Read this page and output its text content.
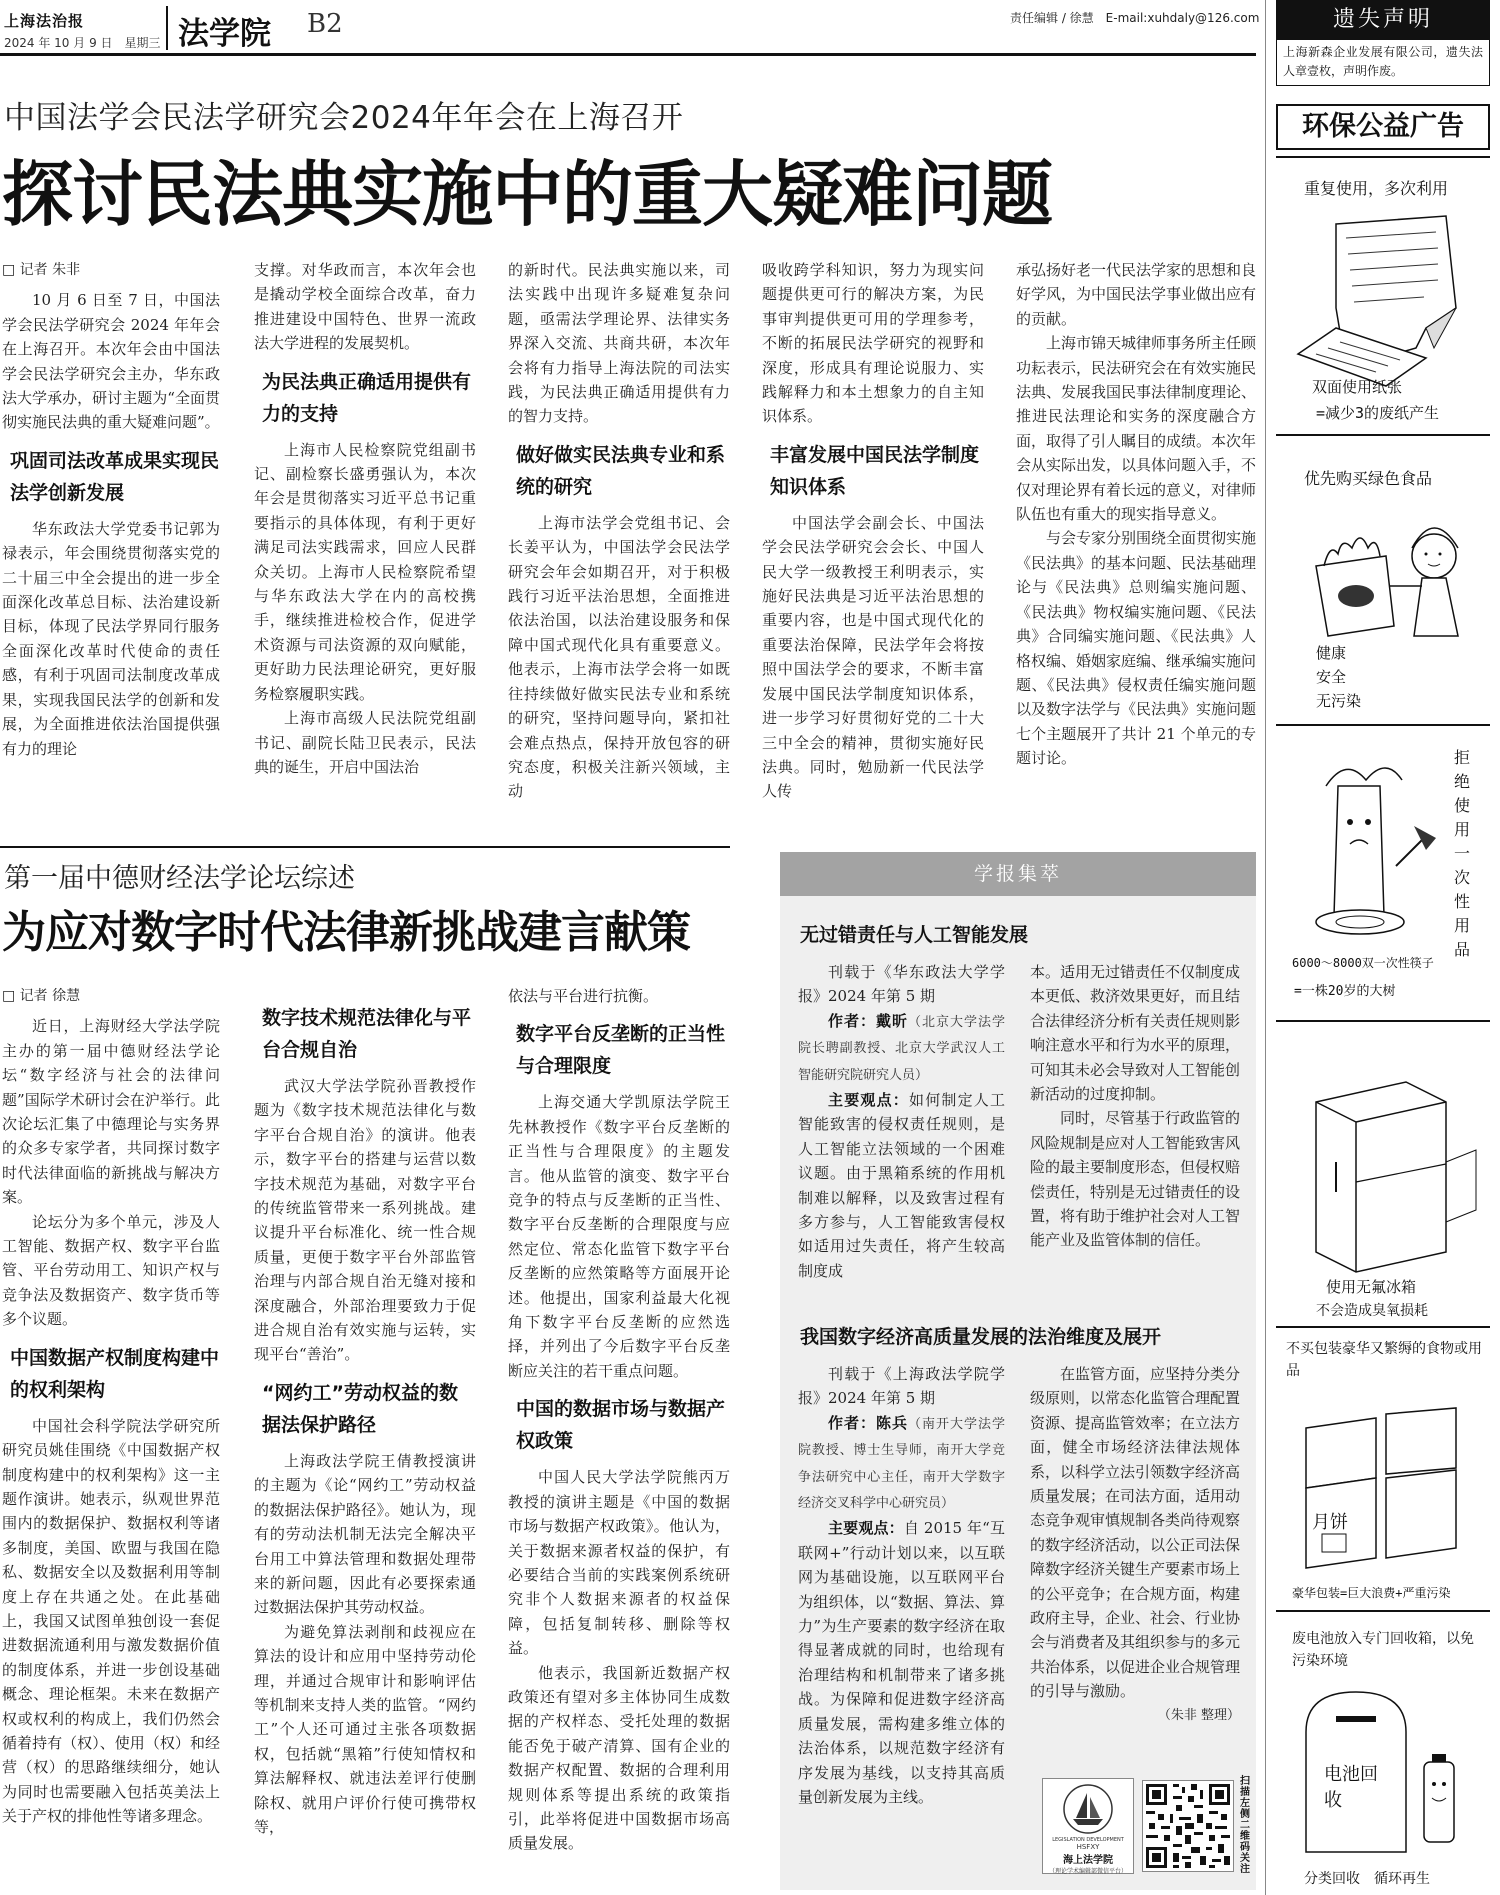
上海法治报
2024 年 10 月 9 日　星期三 法学院 B2	责任编辑 / 徐慧　E-mail:xuhdaly@126.com
中国法学会民法学研究会2024年年会在上海召开
探讨民法典实施中的重大疑难问题

□ 记者 朱非

10 月 6 日至 7 日，中国法学会民法学研究会 2024 年年会在上海召开。本次年会由中国法学会民法学研究会主办，华东政法大学承办，研讨主题为“全面贯彻实施民法典的重大疑难问题”。

巩固司法改革成果实现民法学创新发展

华东政法大学党委书记郭为禄表示，年会围绕贯彻落实党的二十届三中全会提出的进一步全面深化改革总目标、法治建设新目标，体现了民法学界同行服务全面深化改革时代使命的责任感，有利于巩固司法制度改革成果，实现我国民法学的创新和发展，为全面推进依法治国提供强有力的理论

支撑。对华政而言，本次年会也是撬动学校全面综合改革，奋力推进建设中国特色、世界一流政法大学进程的发展契机。

为民法典正确适用提供有力的支持

上海市人民检察院党组副书记、副检察长盛勇强认为，本次年会是贯彻落实习近平总书记重要指示的具体体现，有利于更好满足司法实践需求，回应人民群众关切。上海市人民检察院希望与华东政法大学在内的高校携手，继续推进检校合作，促进学术资源与司法资源的双向赋能，更好助力民法理论研究，更好服务检察履职实践。

上海市高级人民法院党组副书记、副院长陆卫民表示，民法典的诞生，开启中国法治

的新时代。民法典实施以来，司法实践中出现许多疑难复杂问题，亟需法学理论界、法律实务界深入交流、共商共研，本次年会将有力指导上海法院的司法实践，为民法典正确适用提供有力的智力支持。

做好做实民法典专业和系统的研究

上海市法学会党组书记、会长姜平认为，中国法学会民法学研究会年会如期召开，对于积极践行习近平法治思想，全面推进依法治国，以法治建设服务和保障中国式现代化具有重要意义。他表示，上海市法学会将一如既往持续做好做实民法专业和系统的研究，坚持问题导向，紧扣社会难点热点，保持开放包容的研究态度，积极关注新兴领域，主动

吸收跨学科知识，努力为现实问题提供更可行的解决方案，为民事审判提供更可用的学理参考，不断的拓展民法学研究的视野和深度，形成具有理论说服力、实践解释力和本土想象力的自主知识体系。

丰富发展中国民法学制度知识体系

中国法学会副会长、中国法学会民法学研究会会长、中国人民大学一级教授王利明表示，实施好民法典是习近平法治思想的重要内容，也是中国式现代化的重要法治保障，民法学年会将按照中国法学会的要求，不断丰富发展中国民法学制度知识体系，进一步学习好贯彻好党的二十大三中全会的精神，贯彻实施好民法典。同时，勉励新一代民法学人传

承弘扬好老一代民法学家的思想和良好学风，为中国民法学事业做出应有的贡献。

上海市锦天城律师事务所主任顾功耘表示，民法研究会在有效实施民法典、发展我国民事法律制度理论、推进民法理论和实务的深度融合方面，取得了引人瞩目的成绩。本次年会从实际出发，以具体问题入手，不仅对理论界有着长远的意义，对律师队伍也有重大的现实指导意义。

与会专家分别围绕全面贯彻实施《民法典》的基本问题、民法基础理论与《民法典》总则编实施问题、《民法典》物权编实施问题、《民法典》合同编实施问题、《民法典》人格权编、婚姻家庭编、继承编实施问题、《民法典》侵权责任编实施问题以及数字法学与《民法典》实施问题七个主题展开了共计 21 个单元的专题讨论。

第一届中德财经法学论坛综述
为应对数字时代法律新挑战建言献策

□ 记者 徐慧

近日，上海财经大学法学院主办的第一届中德财经法学论坛“数字经济与社会的法律问题”国际学术研讨会在沪举行。此次论坛汇集了中德理论与实务界的众多专家学者，共同探讨数字时代法律面临的新挑战与解决方案。

论坛分为多个单元，涉及人工智能、数据产权、数字平台监管、平台劳动用工、知识产权与竞争法及数据资产、数字货币等多个议题。

中国数据产权制度构建中的权利架构

中国社会科学院法学研究所研究员姚佳围绕《中国数据产权制度构建中的权利架构》这一主题作演讲。她表示，纵观世界范围内的数据保护、数据权利等诸多制度，美国、欧盟与我国在隐私、数据安全以及数据利用等制度上存在共通之处。在此基础上，我国又试图单独创设一套促进数据流通利用与激发数据价值的制度体系，并进一步创设基础概念、理论框架。未来在数据产权或权利的构成上，我们仍然会循着持有（权）、使用（权）和经营（权）的思路继续细分，她认为同时也需要融入包括英美法上关于产权的排他性等诸多理念。

数字技术规范法律化与平台合规自治

武汉大学法学院孙晋教授作题为《数字技术规范法律化与数字平台合规自治》的演讲。他表示，数字平台的搭建与运营以数字技术规范为基础，对数字平台的传统监管带来一系列挑战。建议提升平台标准化、统一性合规质量，更便于数字平台外部监管治理与内部合规自治无缝对接和深度融合，外部治理要致力于促进合规自治有效实施与运转，实现平台“善治”。

“网约工”劳动权益的数据法保护路径

上海政法学院王倩教授演讲的主题为《论“网约工”劳动权益的数据法保护路径》。她认为，现有的劳动法机制无法完全解决平台用工中算法管理和数据处理带来的新问题，因此有必要探索通过数据法保护其劳动权益。

为避免算法剥削和歧视应在算法的设计和应用中坚持劳动伦理，并通过合规审计和影响评估等机制来支持人类的监管。“网约工”个人还可通过主张各项数据权，包括就“黑箱”行使知情权和算法解释权、就违法差评行使删除权、就用户评价行使可携带权等，

依法与平台进行抗衡。

数字平台反垄断的正当性与合理限度

上海交通大学凯原法学院王先林教授作《数字平台反垄断的正当性与合理限度》的主题发言。他从监管的演变、数字平台竞争的特点与反垄断的正当性、数字平台反垄断的合理限度与应然定位、常态化监管下数字平台反垄断的应然策略等方面展开论述。他提出，国家利益最大化视角下数字平台反垄断的应然选择，并列出了今后数字平台反垄断应关注的若干重点问题。

中国的数据市场与数据产权政策

中国人民大学法学院熊丙万教授的演讲主题是《中国的数据市场与数据产权政策》。他认为，关于数据来源者权益的保护，有必要结合当前的实践案例系统研究非个人数据来源者的权益保障，包括复制转移、删除等权益。

他表示，我国新近数据产权政策还有望对多主体协同生成数据的产权样态、受托处理的数据能否免于破产清算、国有企业的数据产权配置、数据的合理利用规则体系等提出系统的政策指引，此举将促进中国数据市场高质量发展。

学报集萃
无过错责任与人工智能发展

刊载于《华东政法大学学报》2024 年第 5 期

作者：戴昕（北京大学法学院长聘副教授、北京大学武汉人工智能研究院研究人员）

主要观点：如何制定人工智能致害的侵权责任规则，是人工智能立法领域的一个困难议题。由于黑箱系统的作用机制难以解释，以及致害过程有多方参与，人工智能致害侵权如适用过失责任，将产生较高制度成

本。适用无过错责任不仅制度成本更低、救济效果更好，而且结合法律经济分析有关责任规则影响注意水平和行为水平的原理，可知其未必会导致对人工智能创新活动的过度抑制。

同时，尽管基于行政监管的风险规制是应对人工智能致害风险的最主要制度形态，但侵权赔偿责任，特别是无过错责任的设置，将有助于维护社会对人工智能产业及监管体制的信任。

我国数字经济高质量发展的法治维度及展开

刊载于《上海政法学院学报》2024 年第 5 期

作者：陈兵（南开大学法学院教授、博士生导师，南开大学竞争法研究中心主任，南开大学数字经济交叉科学中心研究员）

主要观点：自 2015 年“互联网+”行动计划以来，以互联网为基础设施，以互联网平台为组织体，以“数据、算法、算力”为生产要素的数字经济在取得显著成就的同时，也给现有治理结构和机制带来了诸多挑战。为保障和促进数字经济高质量发展，需构建多维立体的法治体系，以规范数字经济有序发展为基线，以支持其高质量创新发展为主线。

在监管方面，应坚持分类分级原则，以常态化监管合理配置资源、提高监管效率；在立法方面，健全市场经济法律法规体系，以科学立法引领数字经济高质量发展；在司法方面，适用动态竞争观审慎规制各类尚待观察的数字经济活动，以公正司法保障数字经济关键生产要素市场上的公平竞争；在合规方面，构建政府主导，企业、社会、行业协会与消费者及其组织参与的多元共治体系，以促进企业合规管理的引导与激励。

（朱非 整理）

LEGISLATION DEVELOPMENT
HSFXY
海上法学院
（理论学术编辑部微信平台）
扫描左侧二维码关注
遗失声明
上海新森企业发展有限公司，遗失法人章壹枚，声明作废。
环保公益广告
重复使用，多次利用
双面使用纸张
=减少3的废纸产生
优先购买绿色食品
健康
安全
无污染
拒绝使用一次性用品
6000～8000双一次性筷子
=一株20岁的大树
使用无氟冰箱
不会造成臭氧损耗
不买包装豪华又繁缛的食物或用品
月饼
豪华包装=巨大浪费+严重污染
废电池放入专门回收箱，以免污染环境
电池回收
分类回收　循环再生
